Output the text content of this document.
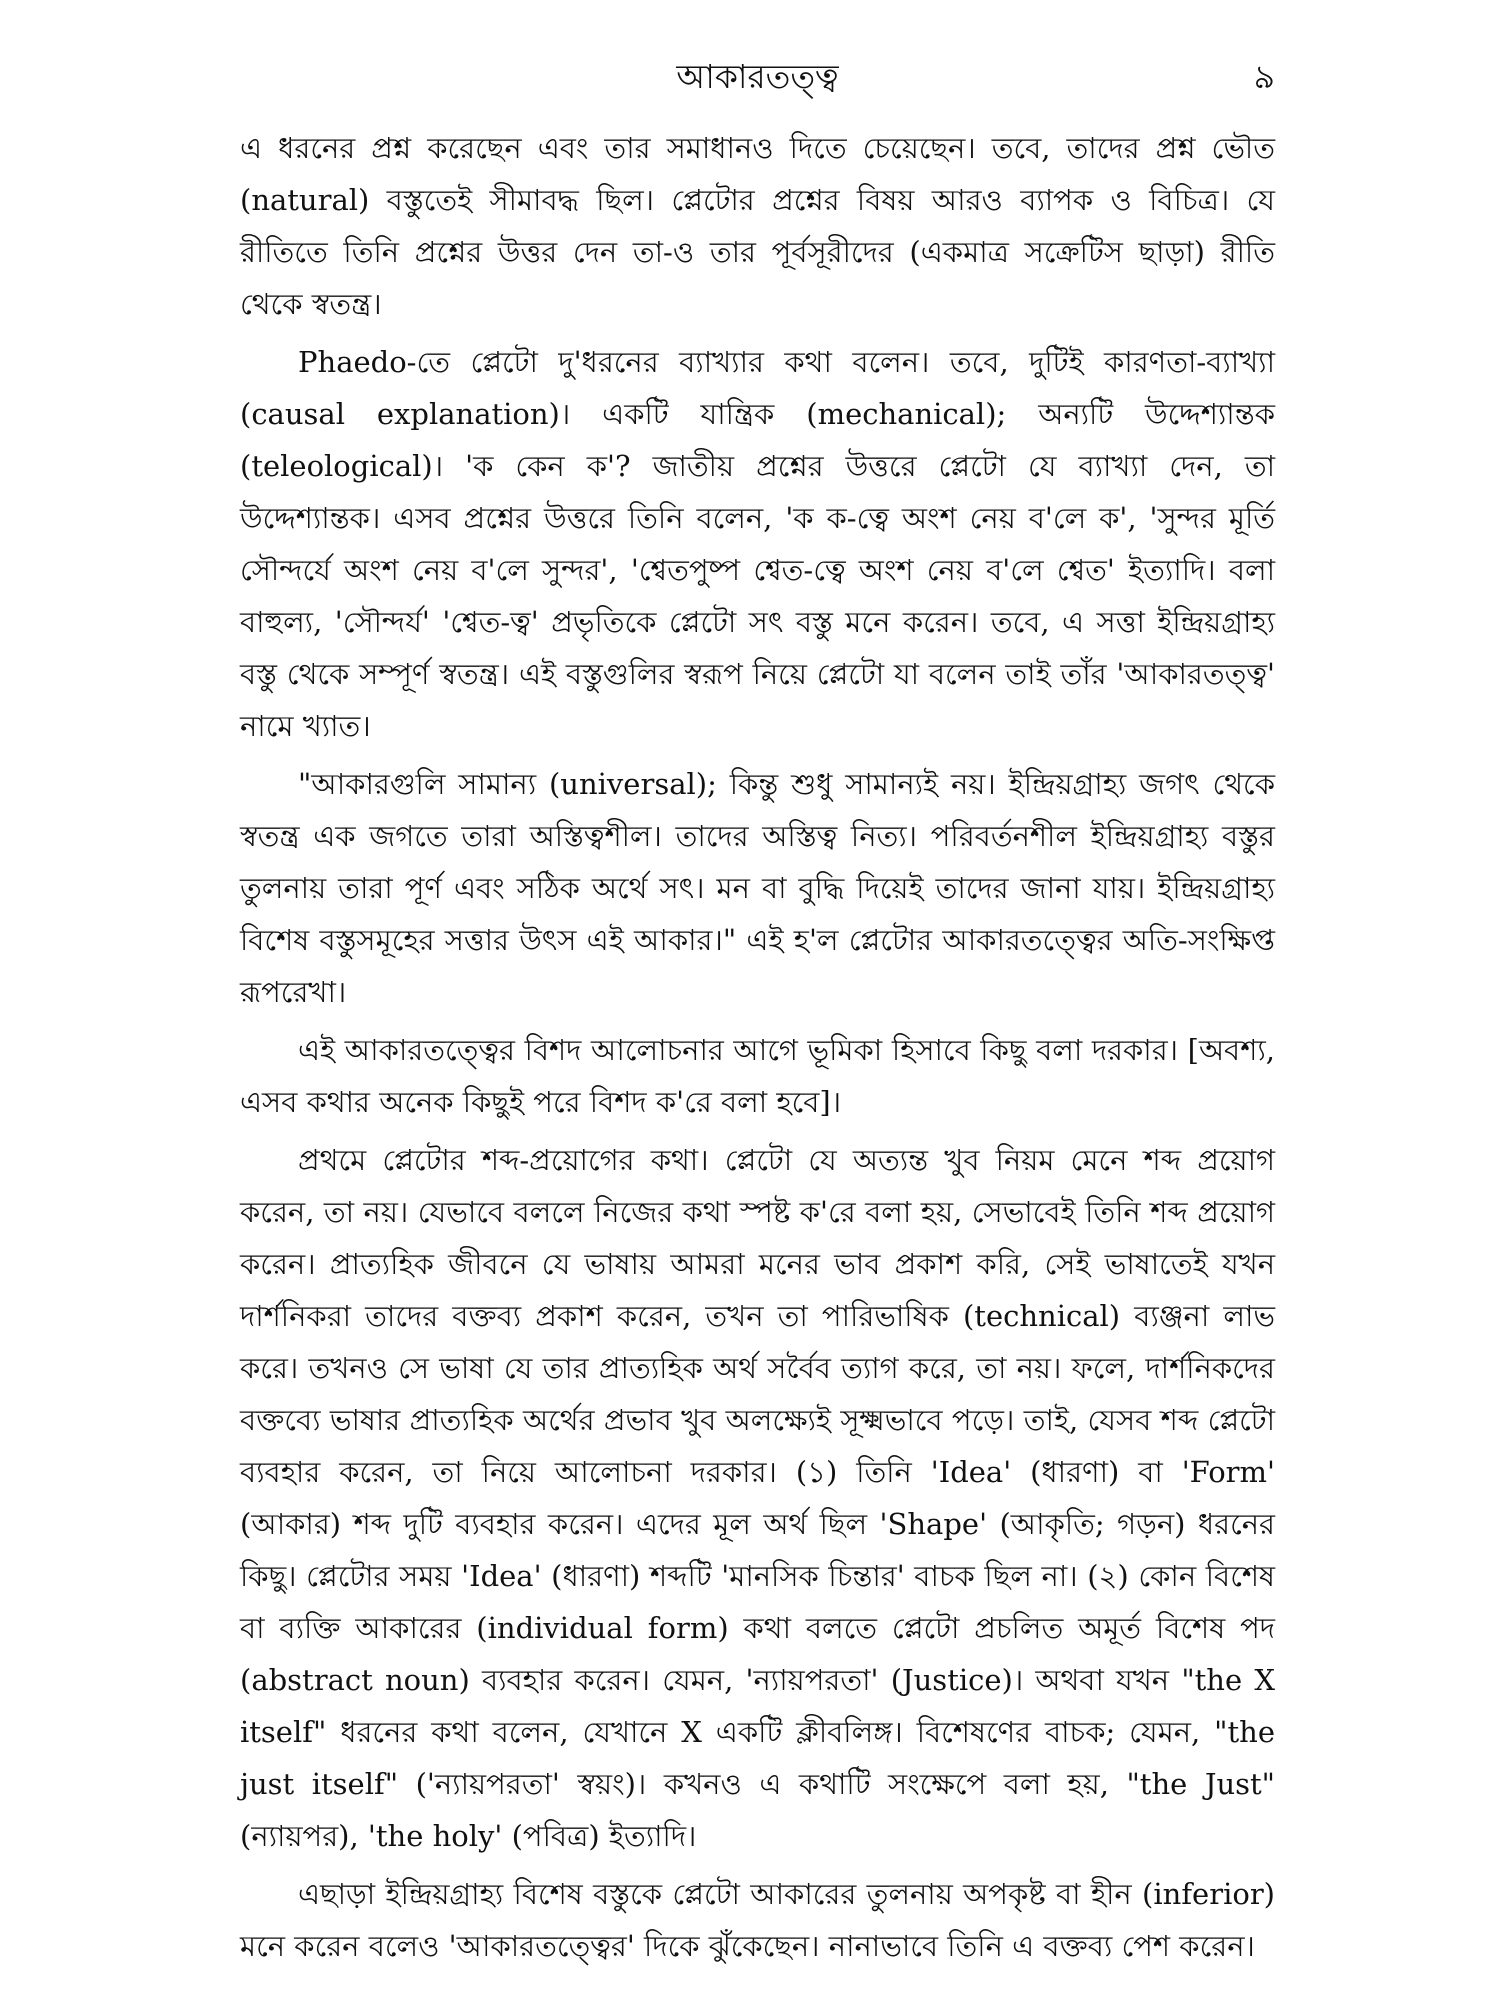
আকারতত্ত্ব	৯

এ ধরনের প্রশ্ন করেছেন এবং তার সমাধানও দিতে চেয়েছেন। তবে, তাদের প্রশ্ন ভৌত (natural) বস্তুতেই সীমাবদ্ধ ছিল। প্লেটোর প্রশ্নের বিষয় আরও ব্যাপক ও বিচিত্র। যে রীতিতে তিনি প্রশ্নের উত্তর দেন তা-ও তার পূর্বসূরীদের (একমাত্র সক্রেটিস ছাড়া) রীতি থেকে স্বতন্ত্র।

Phaedo-তে প্লেটো দু'ধরনের ব্যাখ্যার কথা বলেন। তবে, দুটিই কারণতা-ব্যাখ্যা (causal explanation)। একটি যান্ত্রিক (mechanical); অন্যটি উদ্দেশ্যান্তক (teleological)। 'ক কেন ক'? জাতীয় প্রশ্নের উত্তরে প্লেটো যে ব্যাখ্যা দেন, তা উদ্দেশ্যান্তক। এসব প্রশ্নের উত্তরে তিনি বলেন, 'ক ক-ত্বে অংশ নেয় ব'লে ক', 'সুন্দর মূর্তি সৌন্দর্যে অংশ নেয় ব'লে সুন্দর', 'শ্বেতপুষ্প শ্বেত-ত্বে অংশ নেয় ব'লে শ্বেত' ইত্যাদি। বলা বাহুল্য, 'সৌন্দর্য' 'শ্বেত-ত্ব' প্রভৃতিকে প্লেটো সৎ বস্তু মনে করেন। তবে, এ সত্তা ইন্দ্রিয়গ্রাহ্য বস্তু থেকে সম্পূর্ণ স্বতন্ত্র। এই বস্তুগুলির স্বরূপ নিয়ে প্লেটো যা বলেন তাই তাঁর 'আকারতত্ত্ব' নামে খ্যাত।

"আকারগুলি সামান্য (universal); কিন্তু শুধু সামান্যই নয়। ইন্দ্রিয়গ্রাহ্য জগৎ থেকে স্বতন্ত্র এক জগতে তারা অস্তিত্বশীল। তাদের অস্তিত্ব নিত্য। পরিবর্তনশীল ইন্দ্রিয়গ্রাহ্য বস্তুর তুলনায় তারা পূর্ণ এবং সঠিক অর্থে সৎ। মন বা বুদ্ধি দিয়েই তাদের জানা যায়। ইন্দ্রিয়গ্রাহ্য বিশেষ বস্তুসমূহের সত্তার উৎস এই আকার।" এই হ'ল প্লেটোর আকারতত্ত্বের অতি-সংক্ষিপ্ত রূপরেখা।

এই আকারতত্ত্বের বিশদ আলোচনার আগে ভূমিকা হিসাবে কিছু বলা দরকার। [অবশ্য, এসব কথার অনেক কিছুই পরে বিশদ ক'রে বলা হবে]।

প্রথমে প্লেটোর শব্দ-প্রয়োগের কথা। প্লেটো যে অত্যন্ত খুব নিয়ম মেনে শব্দ প্রয়োগ করেন, তা নয়। যেভাবে বললে নিজের কথা স্পষ্ট ক'রে বলা হয়, সেভাবেই তিনি শব্দ প্রয়োগ করেন। প্রাত্যহিক জীবনে যে ভাষায় আমরা মনের ভাব প্রকাশ করি, সেই ভাষাতেই যখন দার্শনিকরা তাদের বক্তব্য প্রকাশ করেন, তখন তা পারিভাষিক (technical) ব্যঞ্জনা লাভ করে। তখনও সে ভাষা যে তার প্রাত্যহিক অর্থ সর্বৈব ত্যাগ করে, তা নয়। ফলে, দার্শনিকদের বক্তব্যে ভাষার প্রাত্যহিক অর্থের প্রভাব খুব অলক্ষ্যেই সূক্ষ্মভাবে পড়ে। তাই, যেসব শব্দ প্লেটো ব্যবহার করেন, তা নিয়ে আলোচনা দরকার। (১) তিনি 'Idea' (ধারণা) বা 'Form' (আকার) শব্দ দুটি ব্যবহার করেন। এদের মূল অর্থ ছিল 'Shape' (আকৃতি; গড়ন) ধরনের কিছু। প্লেটোর সময় 'Idea' (ধারণা) শব্দটি 'মানসিক চিন্তার' বাচক ছিল না। (২) কোন বিশেষ বা ব্যক্তি আকারের (individual form) কথা বলতে প্লেটো প্রচলিত অমূর্ত বিশেষ পদ (abstract noun) ব্যবহার করেন। যেমন, 'ন্যায়পরতা' (Justice)। অথবা যখন "the X itself" ধরনের কথা বলেন, যেখানে X একটি ক্লীবলিঙ্গ। বিশেষণের বাচক; যেমন, "the just itself" ('ন্যায়পরতা' স্বয়ং)। কখনও এ কথাটি সংক্ষেপে বলা হয়, "the Just" (ন্যায়পর), 'the holy' (পবিত্র) ইত্যাদি।

এছাড়া ইন্দ্রিয়গ্রাহ্য বিশেষ বস্তুকে প্লেটো আকারের তুলনায় অপকৃষ্ট বা হীন (inferior) মনে করেন বলেও 'আকারতত্ত্বের' দিকে ঝুঁকেছেন। নানাভাবে তিনি এ বক্তব্য পেশ করেন।
